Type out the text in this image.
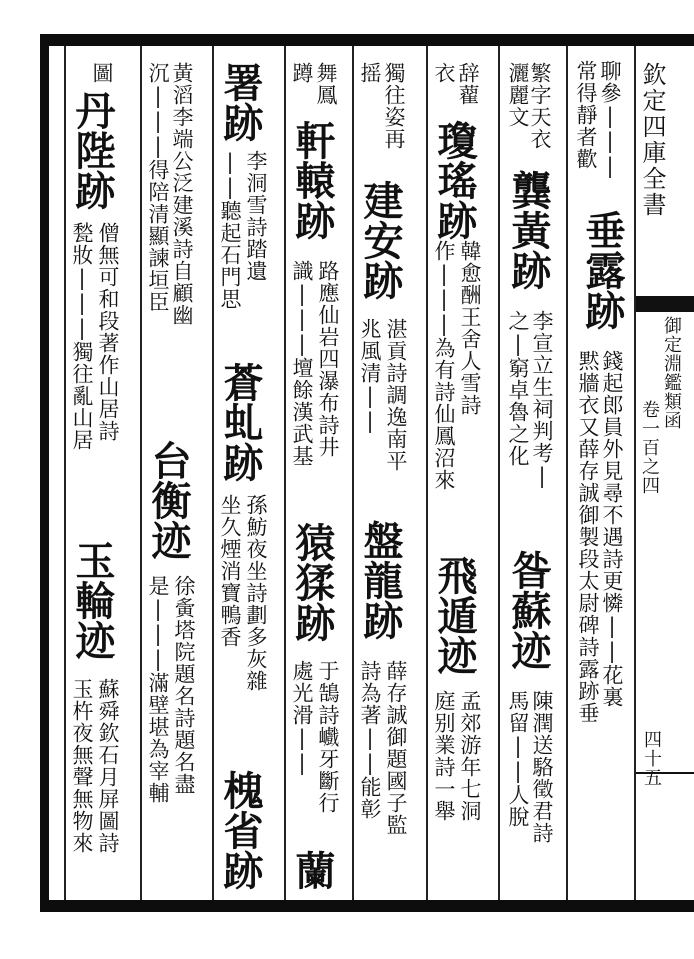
欽定四庫全書

御定淵鑑類函

卷一百之四

四十五

聊參|||

常得靜者歡

繁字天衣

垂露跡

錢起郎員外見尋不遇詩更憐||花裏

黙牆衣又薛存誠御製段太尉碑詩露跡垂

灑麗文

龔黃跡

李宣立生祠判考|

之|窮卓魯之化

昝蘇迹

陳潤送駱徵君詩

馬留||人脫

辞藋

衣

瓊瑤跡

韓愈酬王舍人雪詩

作|||為有詩仙鳳沼來

飛遁迹

孟郊游年七洞

庭别業詩一舉

獨往姿再

摇

建安跡

湛貢詩調逸南平

兆風清||

盤龍跡

薛存誠御題國子監

詩為著||能彰

舞鳳

蹲

軒轅跡

路應仙岩四瀑布詩井

識|||壇餘漢武基

猿猱跡

于鵠詩巇牙斷行

處光滑||

蘭

署跡

李洞雪詩踏遺

||聽起石門思

蒼虬跡

孫魴夜坐詩劃多灰雜

坐久煙消寶鴨香

槐省跡

黃滔李端公泛建溪詩自顧幽

沉|||得陪清顯諫垣臣

台衡迹

徐夤塔院題名詩題名盡

是|||滿壁堪為宰輔

圖

丹陛跡

僧無可和段著作山居詩

甃妝|||獨往亂山居

玉輪迹

蘇舜欽石月屏圖詩

玉杵夜無聲無物來
